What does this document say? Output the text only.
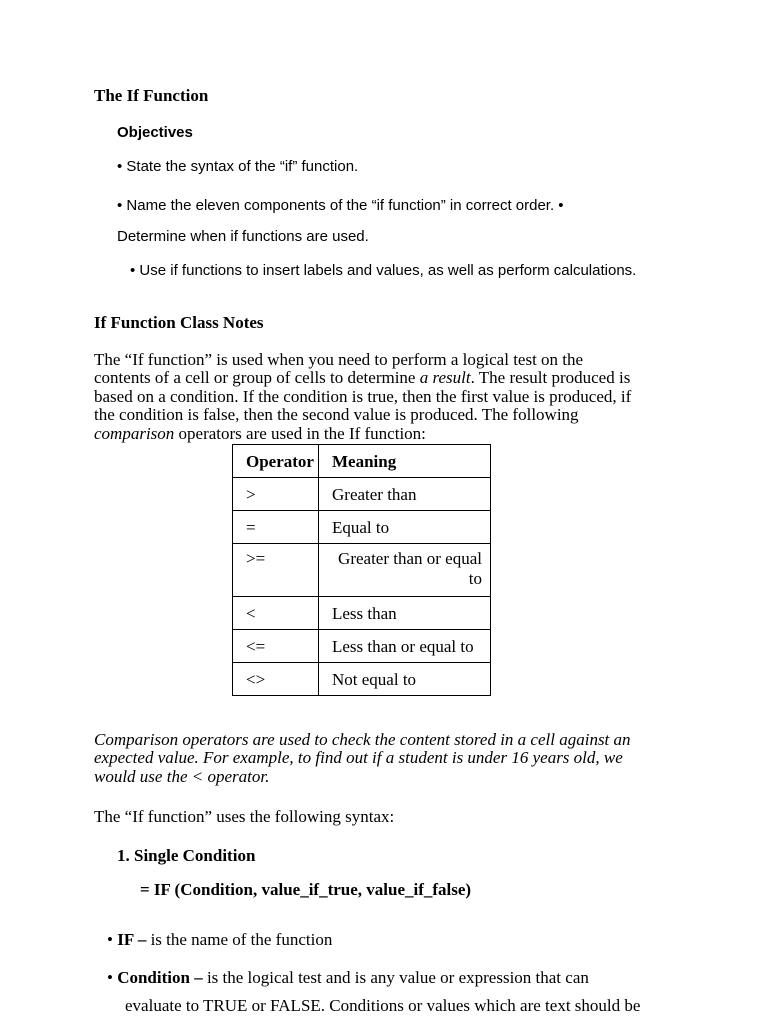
The If Function
Objectives
• State the syntax of the “if” function.
• Name the eleven components of the “if function” in correct order. •
Determine when if functions are used.
• Use if functions to insert labels and values, as well as perform calculations.
If Function Class Notes

The “If function” is used when you need to perform a logical test on the

contents of a cell or group of cells to determine a result. The result produced is

based on a condition. If the condition is true, then the first value is produced, if

the condition is false, then the second value is produced. The following

comparison operators are used in the If function:

Operator	Meaning

>	Greater than

=	Equal to

>=	Greater than or equal
to

<	Less than

<=	Less than or equal to

<>	Not equal to

Comparison operators are used to check the content stored in a cell against an

expected value. For example, to find out if a student is under 16 years old, we

would use the < operator.

The “If function” uses the following syntax:
1. Single Condition
= IF (Condition, value_if_true, value_if_false)
• IF – is the name of the function
• Condition – is the logical test and is any value or expression that can
evaluate to TRUE or FALSE. Conditions or values which are text should be
